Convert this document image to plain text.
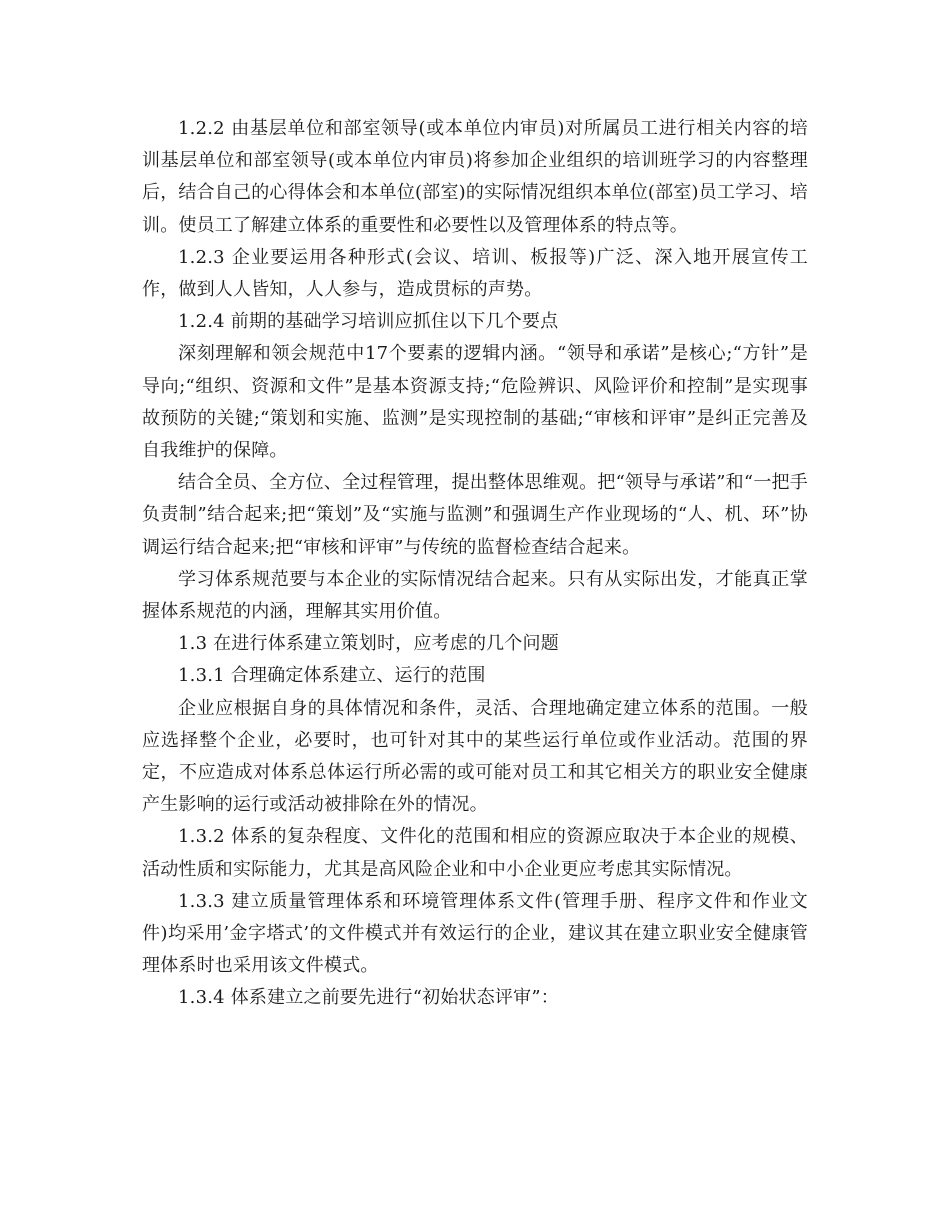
1.2.2 由基层单位和部室领导(或本单位内审员)对所属员工进行相关内容的培训基层单位和部室领导(或本单位内审员)将参加企业组织的培训班学习的内容整理后，结合自己的心得体会和本单位(部室)的实际情况组织本单位(部室)员工学习、培训。使员工了解建立体系的重要性和必要性以及管理体系的特点等。

1.2.3 企业要运用各种形式(会议、培训、板报等)广泛、深入地开展宣传工作，做到人人皆知，人人参与，造成贯标的声势。

1.2.4 前期的基础学习培训应抓住以下几个要点

深刻理解和领会规范中17个要素的逻辑内涵。“领导和承诺”是核心;“方针”是导向;“组织、资源和文件”是基本资源支持;“危险辨识、风险评价和控制”是实现事故预防的关键;“策划和实施、监测”是实现控制的基础;“审核和评审”是纠正完善及自我维护的保障。

结合全员、全方位、全过程管理，提出整体思维观。把“领导与承诺”和“一把手负责制”结合起来;把“策划”及“实施与监测”和强调生产作业现场的“人、机、环”协调运行结合起来;把“审核和评审”与传统的监督检查结合起来。

学习体系规范要与本企业的实际情况结合起来。只有从实际出发，才能真正掌握体系规范的内涵，理解其实用价值。

1.3 在进行体系建立策划时，应考虑的几个问题

1.3.1 合理确定体系建立、运行的范围

企业应根据自身的具体情况和条件，灵活、合理地确定建立体系的范围。一般应选择整个企业，必要时，也可针对其中的某些运行单位或作业活动。范围的界定，不应造成对体系总体运行所必需的或可能对员工和其它相关方的职业安全健康产生影响的运行或活动被排除在外的情况。

1.3.2 体系的复杂程度、文件化的范围和相应的资源应取决于本企业的规模、活动性质和实际能力，尤其是高风险企业和中小企业更应考虑其实际情况。

1.3.3 建立质量管理体系和环境管理体系文件(管理手册、程序文件和作业文件)均采用’金字塔式’的文件模式并有效运行的企业，建议其在建立职业安全健康管理体系时也采用该文件模式。

1.3.4 体系建立之前要先进行“初始状态评审”：
